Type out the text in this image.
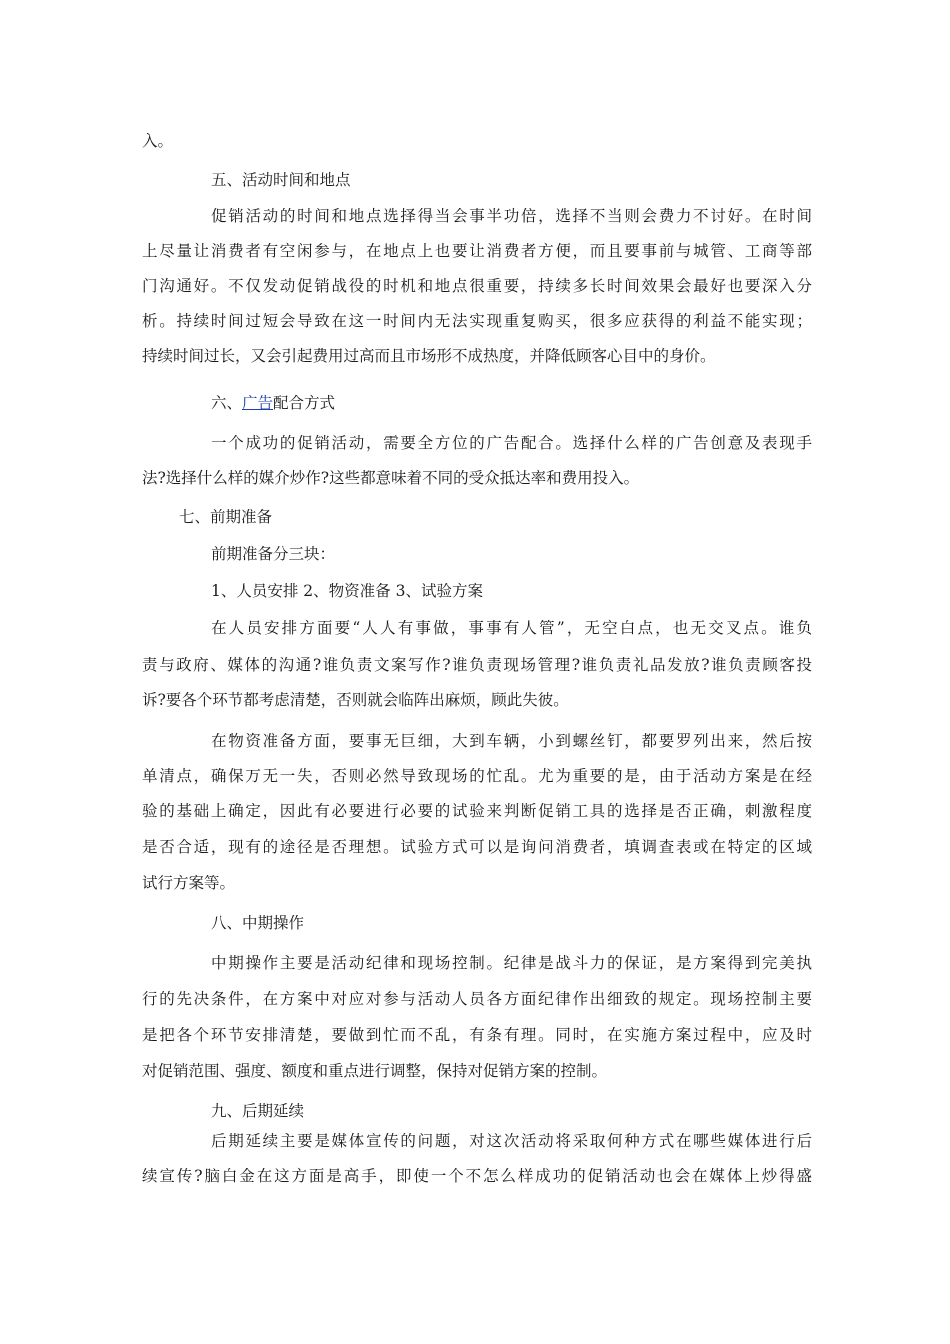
入。
五、活动时间和地点
促销活动的时间和地点选择得当会事半功倍，选择不当则会费力不讨好。在时间
上尽量让消费者有空闲参与，在地点上也要让消费者方便，而且要事前与城管、工商等部
门沟通好。不仅发动促销战役的时机和地点很重要，持续多长时间效果会最好也要深入分
析。持续时间过短会导致在这一时间内无法实现重复购买，很多应获得的利益不能实现；
持续时间过长，又会引起费用过高而且市场形不成热度，并降低顾客心目中的身价。
六、广告配合方式
一个成功的促销活动，需要全方位的广告配合。选择什么样的广告创意及表现手
法?选择什么样的媒介炒作?这些都意味着不同的受众抵达率和费用投入。
七、前期准备
前期准备分三块：
1、人员安排 2、物资准备 3、试验方案
在人员安排方面要“人人有事做，事事有人管”，无空白点，也无交叉点。谁负
责与政府、媒体的沟通?谁负责文案写作?谁负责现场管理?谁负责礼品发放?谁负责顾客投
诉?要各个环节都考虑清楚，否则就会临阵出麻烦，顾此失彼。
在物资准备方面，要事无巨细，大到车辆，小到螺丝钉，都要罗列出来，然后按
单清点，确保万无一失，否则必然导致现场的忙乱。尤为重要的是，由于活动方案是在经
验的基础上确定，因此有必要进行必要的试验来判断促销工具的选择是否正确，刺激程度
是否合适，现有的途径是否理想。试验方式可以是询问消费者，填调查表或在特定的区域
试行方案等。
八、中期操作
中期操作主要是活动纪律和现场控制。纪律是战斗力的保证，是方案得到完美执
行的先决条件，在方案中对应对参与活动人员各方面纪律作出细致的规定。现场控制主要
是把各个环节安排清楚，要做到忙而不乱，有条有理。同时，在实施方案过程中，应及时
对促销范围、强度、额度和重点进行调整，保持对促销方案的控制。
九、后期延续
后期延续主要是媒体宣传的问题，对这次活动将采取何种方式在哪些媒体进行后
续宣传?脑白金在这方面是高手，即使一个不怎么样成功的促销活动也会在媒体上炒得盛
